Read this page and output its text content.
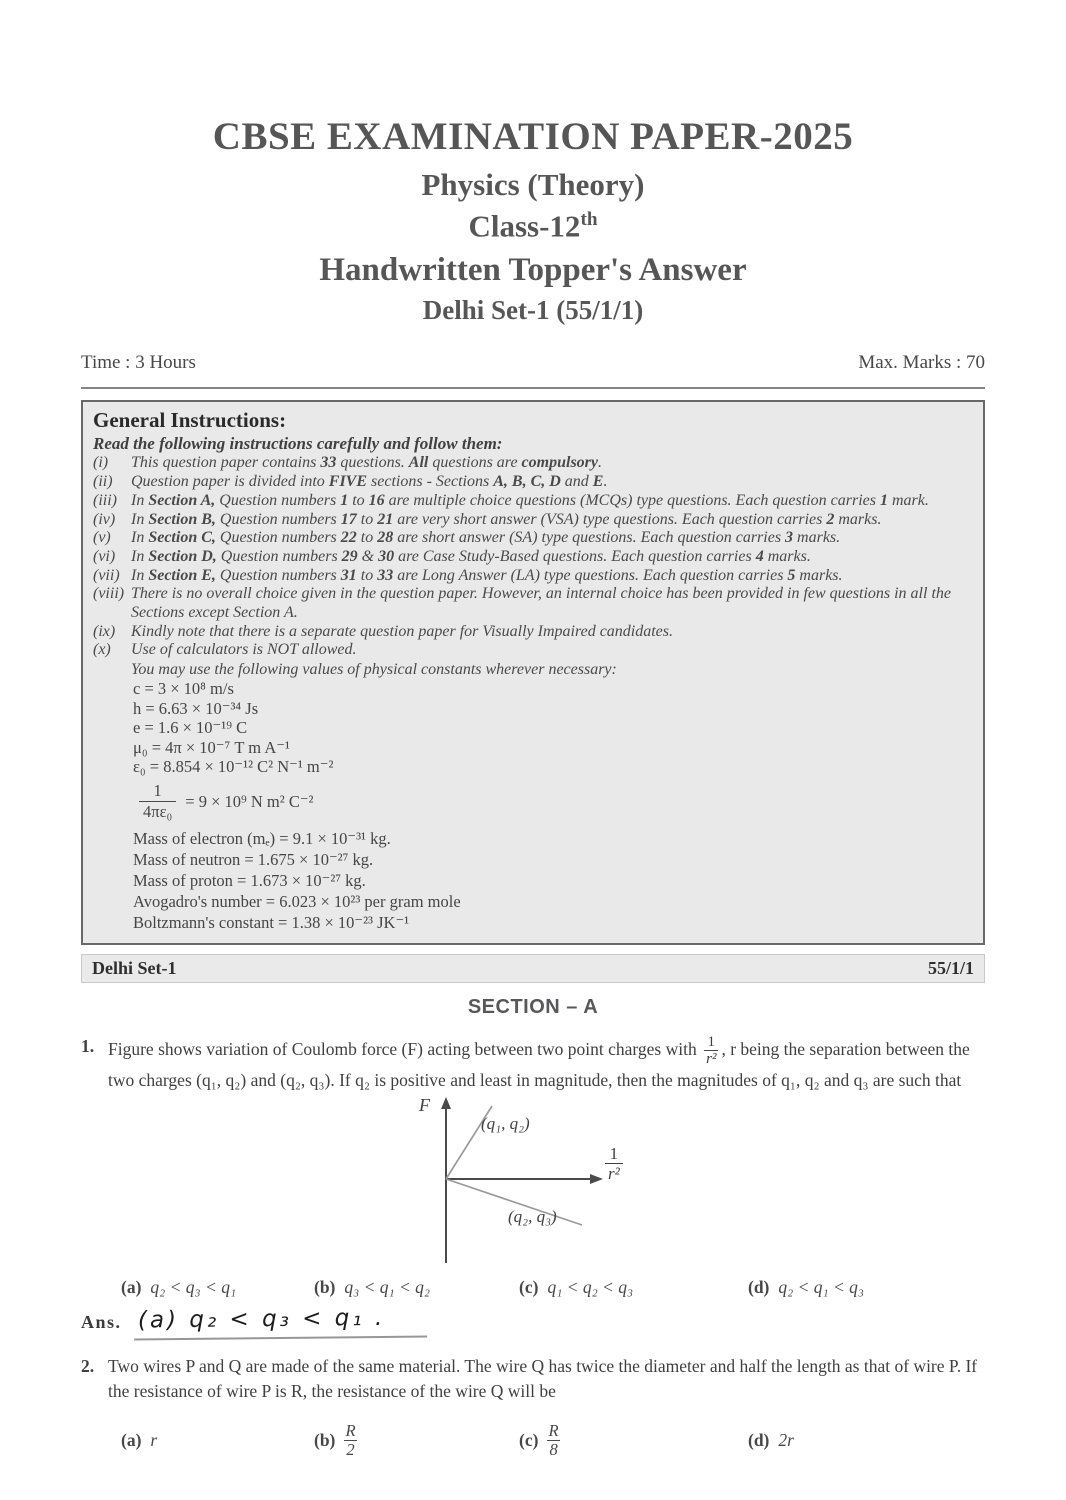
CBSE EXAMINATION PAPER-2025
Physics (Theory)
Class-12th
Handwritten Topper's Answer
Delhi Set-1 (55/1/1)
Time : 3 Hours	Max. Marks : 70
General Instructions:
Read the following instructions carefully and follow them:
(i)	This question paper contains 33 questions. All questions are compulsory.
(ii)	Question paper is divided into FIVE sections - Sections A, B, C, D and E.
(iii) In Section A, Question numbers 1 to 16 are multiple choice questions (MCQs) type questions. Each question carries 1 mark.
(iv) In Section B, Question numbers 17 to 21 are very short answer (VSA) type questions. Each question carries 2 marks.
(v)	In Section C, Question numbers 22 to 28 are short answer (SA) type questions. Each question carries 3 marks.
(vi) In Section D, Question numbers 29 & 30 are Case Study-Based questions. Each question carries 4 marks.
(vii) In Section E, Question numbers 31 to 33 are Long Answer (LA) type questions. Each question carries 5 marks.
(viii) There is no overall choice given in the question paper. However, an internal choice has been provided in few questions in all the Sections except Section A.
(ix) Kindly note that there is a separate question paper for Visually Impaired candidates.
(x)	Use of calculators is NOT allowed.
You may use the following values of physical constants wherever necessary:
c = 3 × 10⁸ m/s
h = 6.63 × 10⁻³⁴ Js
e = 1.6 × 10⁻¹⁹ C
μ₀ = 4π × 10⁻⁷ T m A⁻¹
ε₀ = 8.854 × 10⁻¹² C² N⁻¹ m⁻²
$\frac{1}{\text{4πε₀}} = 9 \times 10^9$ N m² C⁻²
Mass of electron (mₑ) = 9.1 × 10⁻³¹ kg.
Mass of neutron = 1.675 × 10⁻²⁷ kg.
Mass of proton = 1.673 × 10⁻²⁷ kg.
Avogadro's number = 6.023 × 10²³ per gram mole
Boltzmann's constant = 1.38 × 10⁻²³ JK⁻¹
Delhi Set-1	55/1/1
SECTION – A
1. Figure shows variation of Coulomb force (F) acting between two point charges with $\frac{1}{\text{r²}}$ , r being the separation between the two charges (q₁, q₂) and (q₂, q₃). If q₂ is positive and least in magnitude, then the magnitudes of q₁, q₂ and q₃ are such that
F
$\frac{1}{\text{r²}}$
(q₁, q₂)
(q₂, q₃)
(a) q₂ < q₃ < q₁	(b) q₃ < q₁ < q₂	(c) q₁ < q₂ < q₃	(d) q₂ < q₁ < q₃
Ans. (a) q₂ < q₃ < q₁ .
2. Two wires P and Q are made of the same material. The wire Q has twice the diameter and half the length as that of wire P. If the resistance of wire P is R, the resistance of the wire Q will be
(a) r	$(b) \frac{R}{2}$	$(c) \frac{R}{8}$	(d) 2r
